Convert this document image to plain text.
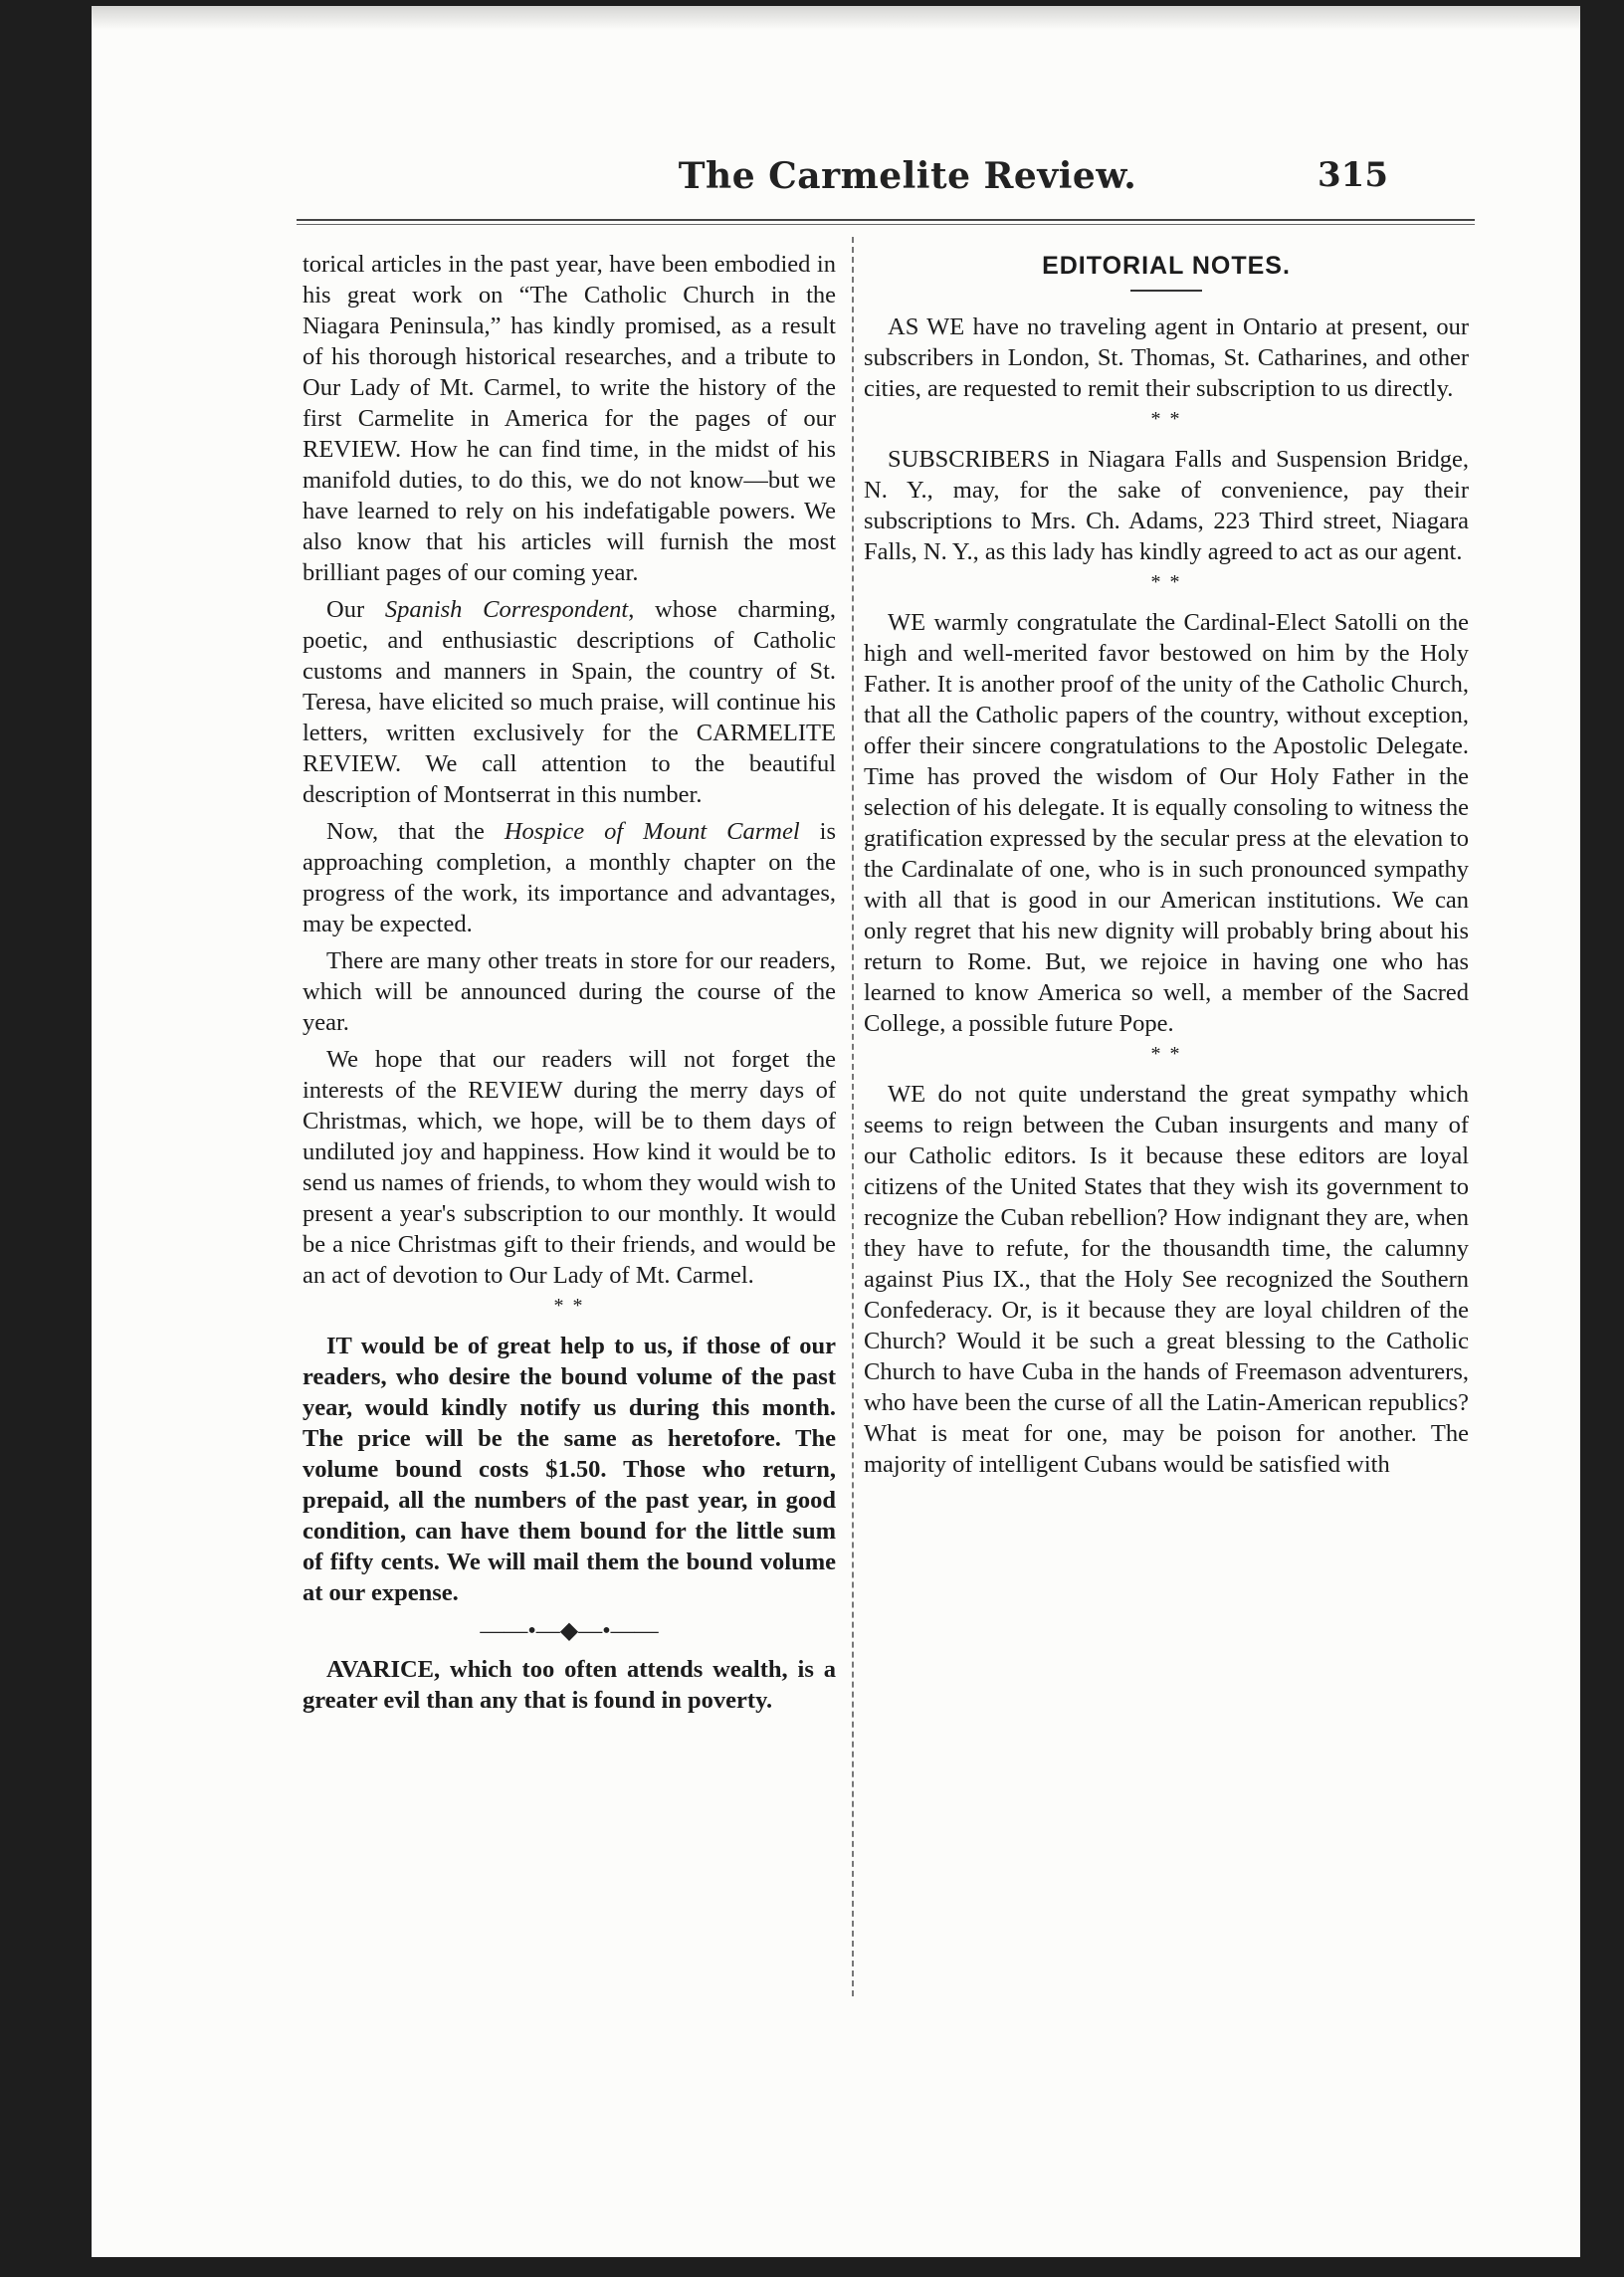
The Carmelite Review.	315

torical articles in the past year, have been embodied in his great work on “The Catholic Church in the Niagara Peninsula,” has kindly promised, as a result of his thorough historical researches, and a tribute to Our Lady of Mt. Carmel, to write the history of the first Carmelite in America for the pages of our REVIEW. How he can find time, in the midst of his manifold duties, to do this, we do not know—but we have learned to rely on his indefatigable powers. We also know that his articles will furnish the most brilliant pages of our coming year.

Our Spanish Correspondent, whose charming, poetic, and enthusiastic descriptions of Catholic customs and manners in Spain, the country of St. Teresa, have elicited so much praise, will continue his letters, written exclusively for the CARMELITE REVIEW. We call attention to the beautiful description of Montserrat in this number.

Now, that the Hospice of Mount Carmel is approaching completion, a monthly chapter on the progress of the work, its importance and advantages, may be expected.

There are many other treats in store for our readers, which will be announced during the course of the year.

We hope that our readers will not forget the interests of the REVIEW during the merry days of Christmas, which, we hope, will be to them days of undiluted joy and happiness. How kind it would be to send us names of friends, to whom they would wish to present a year's subscription to our monthly. It would be a nice Christmas gift to their friends, and would be an act of devotion to Our Lady of Mt. Carmel.

* *

IT would be of great help to us, if those of our readers, who desire the bound volume of the past year, would kindly notify us during this month. The price will be the same as heretofore. The volume bound costs $1.50. Those who return, prepaid, all the numbers of the past year, in good condition, can have them bound for the little sum of fifty cents. We will mail them the bound volume at our expense.

——•—◆—•——

AVARICE, which too often attends wealth, is a greater evil than any that is found in poverty.

EDITORIAL NOTES.

AS WE have no traveling agent in Ontario at present, our subscribers in London, St. Thomas, St. Catharines, and other cities, are requested to remit their subscription to us directly.

* *

SUBSCRIBERS in Niagara Falls and Suspension Bridge, N. Y., may, for the sake of convenience, pay their subscriptions to Mrs. Ch. Adams, 223 Third street, Niagara Falls, N. Y., as this lady has kindly agreed to act as our agent.

* *

WE warmly congratulate the Cardinal-Elect Satolli on the high and well-merited favor bestowed on him by the Holy Father. It is another proof of the unity of the Catholic Church, that all the Catholic papers of the country, without exception, offer their sincere congratulations to the Apostolic Delegate. Time has proved the wisdom of Our Holy Father in the selection of his delegate. It is equally consoling to witness the gratification expressed by the secular press at the elevation to the Cardinalate of one, who is in such pronounced sympathy with all that is good in our American institutions. We can only regret that his new dignity will probably bring about his return to Rome. But, we rejoice in having one who has learned to know America so well, a member of the Sacred College, a possible future Pope.

* *

WE do not quite understand the great sympathy which seems to reign between the Cuban insurgents and many of our Catholic editors. Is it because these editors are loyal citizens of the United States that they wish its government to recognize the Cuban rebellion? How indignant they are, when they have to refute, for the thousandth time, the calumny against Pius IX., that the Holy See recognized the Southern Confederacy. Or, is it because they are loyal children of the Church? Would it be such a great blessing to the Catholic Church to have Cuba in the hands of Freemason adventurers, who have been the curse of all the Latin-American republics? What is meat for one, may be poison for another. The majority of intelligent Cubans would be satisfied with
